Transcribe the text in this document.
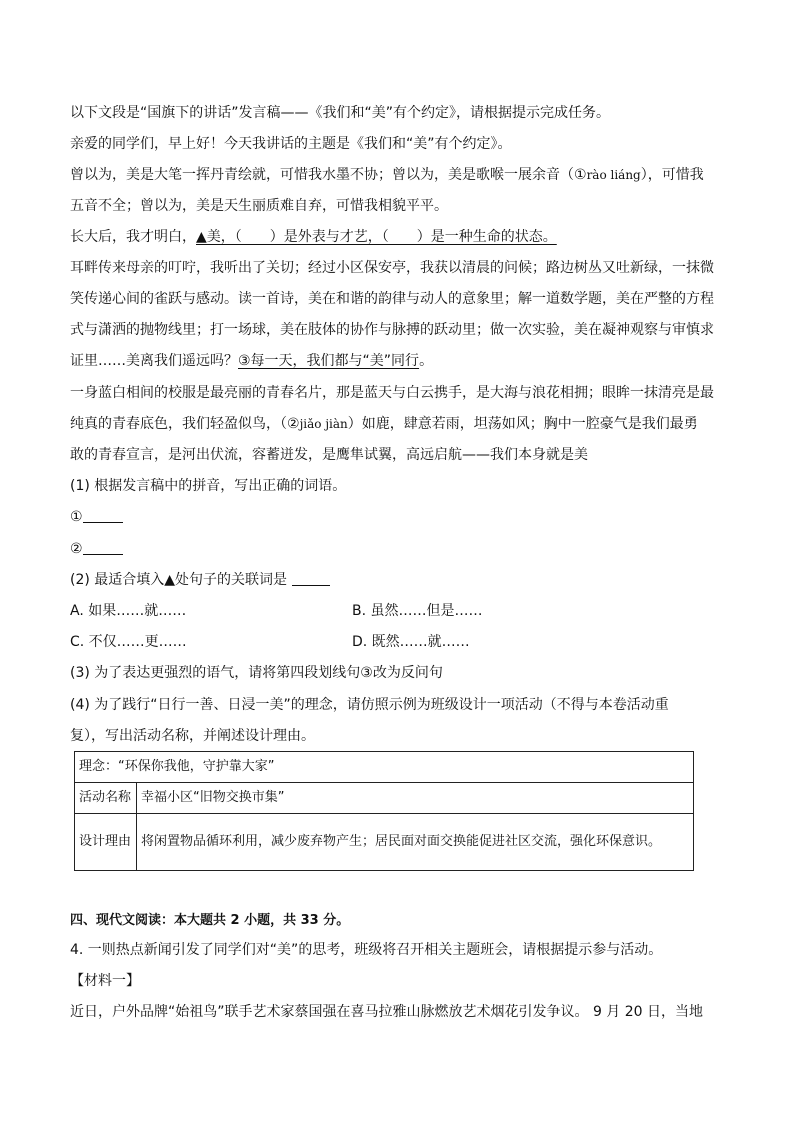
以下文段是“国旗下的讲话”发言稿——《我们和“美”有个约定》，请根据提示完成任务。
亲爱的同学们，早上好！今天我讲话的主题是《我们和“美”有个约定》。
曾以为，美是大笔一挥丹青绘就，可惜我水墨不协；曾以为，美是歌喉一展余音（①rào liáng），可惜我
五音不全；曾以为，美是天生丽质难自弃，可惜我相貌平平。
长大后，我才明白，▲美，（　　）是外表与才艺，（　　）是一种生命的状态。
耳畔传来母亲的叮咛，我听出了关切；经过小区保安亭，我获以清晨的问候；路边树丛又吐新绿，一抹微
笑传递心间的雀跃与感动。读一首诗，美在和谐的韵律与动人的意象里；解一道数学题，美在严整的方程
式与潇洒的抛物线里；打一场球，美在肢体的协作与脉搏的跃动里；做一次实验，美在凝神观察与审慎求
证里……美离我们遥远吗？③每一天，我们都与“美”同行。
一身蓝白相间的校服是最亮丽的青春名片，那是蓝天与白云携手，是大海与浪花相拥；眼眸一抹清亮是最
纯真的青春底色，我们轻盈似鸟，（②jiǎo jiàn）如鹿，肆意若雨，坦荡如风；胸中一腔豪气是我们最勇
敢的青春宣言，是河出伏流，容蓄迸发，是鹰隼试翼，高远启航——我们本身就是美
(1) 根据发言稿中的拼音，写出正确的词语。
①
②
(2) 最适合填入▲处句子的关联词是
A. 如果……就……	B. 虽然……但是……
C. 不仅……更……	D. 既然……就……
(3) 为了表达更强烈的语气，请将第四段划线句③改为反问句
(4) 为了践行“日行一善、日浸一美”的理念，请仿照示例为班级设计一项活动（不得与本卷活动重
复），写出活动名称，并阐述设计理由。
理念：“环保你我他，守护靠大家”	
活动名称	幸福小区“旧物交换市集”
设计理由	将闲置物品循环利用，减少废弃物产生；居民面对面交换能促进社区交流，强化环保意识。
四、现代文阅读：本大题共 2 小题，共 33 分。
4. 一则热点新闻引发了同学们对“美”的思考，班级将召开相关主题班会，请根据提示参与活动。
【材料一】
近日，户外品牌“始祖鸟”联手艺术家蔡国强在喜马拉雅山脉燃放艺术烟花引发争议。 9 月 20 日，当地
